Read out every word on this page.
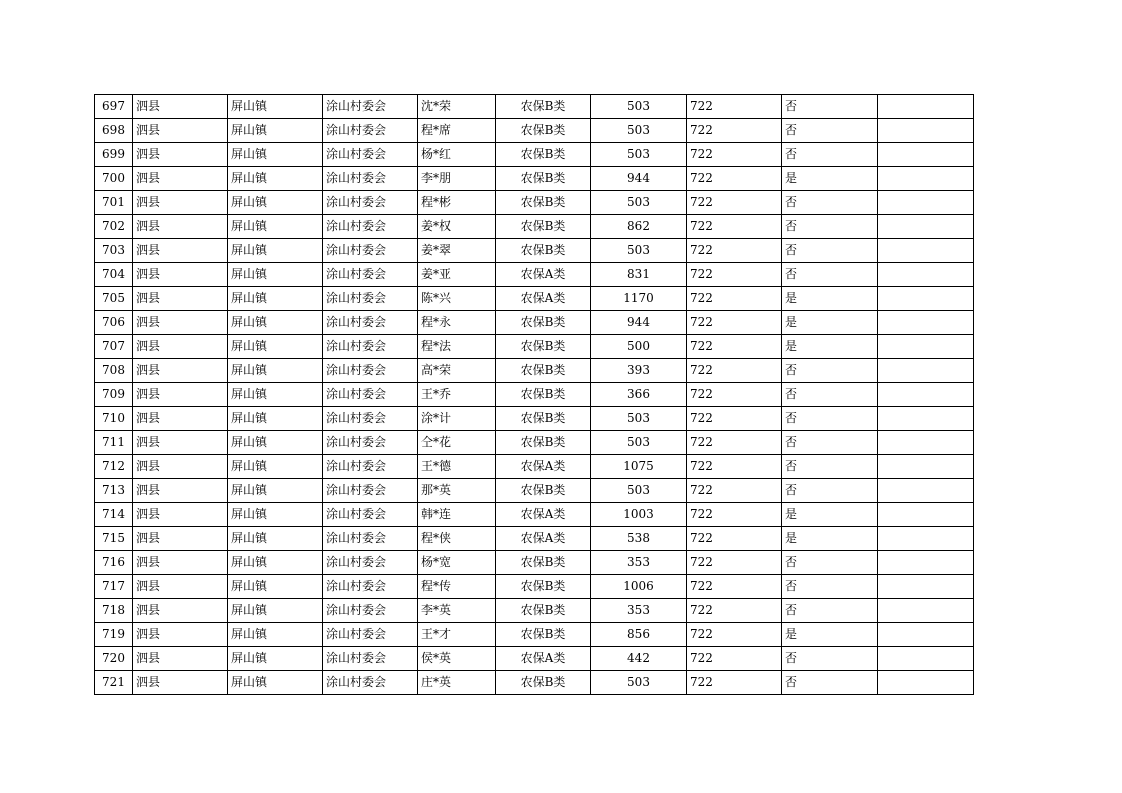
697	泗县	屏山镇	涂山村委会	沈*荣	农保B类	503	722	否	
698	泗县	屏山镇	涂山村委会	程*席	农保B类	503	722	否	
699	泗县	屏山镇	涂山村委会	杨*红	农保B类	503	722	否	
700	泗县	屏山镇	涂山村委会	李*朋	农保B类	944	722	是	
701	泗县	屏山镇	涂山村委会	程*彬	农保B类	503	722	否	
702	泗县	屏山镇	涂山村委会	姜*权	农保B类	862	722	否	
703	泗县	屏山镇	涂山村委会	姜*翠	农保B类	503	722	否	
704	泗县	屏山镇	涂山村委会	姜*亚	农保A类	831	722	否	
705	泗县	屏山镇	涂山村委会	陈*兴	农保A类	1170	722	是	
706	泗县	屏山镇	涂山村委会	程*永	农保B类	944	722	是	
707	泗县	屏山镇	涂山村委会	程*法	农保B类	500	722	是	
708	泗县	屏山镇	涂山村委会	高*荣	农保B类	393	722	否	
709	泗县	屏山镇	涂山村委会	王*乔	农保B类	366	722	否	
710	泗县	屏山镇	涂山村委会	涂*计	农保B类	503	722	否	
711	泗县	屏山镇	涂山村委会	仝*花	农保B类	503	722	否	
712	泗县	屏山镇	涂山村委会	王*德	农保A类	1075	722	否	
713	泗县	屏山镇	涂山村委会	那*英	农保B类	503	722	否	
714	泗县	屏山镇	涂山村委会	韩*连	农保A类	1003	722	是	
715	泗县	屏山镇	涂山村委会	程*侠	农保A类	538	722	是	
716	泗县	屏山镇	涂山村委会	杨*宽	农保B类	353	722	否	
717	泗县	屏山镇	涂山村委会	程*传	农保B类	1006	722	否	
718	泗县	屏山镇	涂山村委会	李*英	农保B类	353	722	否	
719	泗县	屏山镇	涂山村委会	王*才	农保B类	856	722	是	
720	泗县	屏山镇	涂山村委会	侯*英	农保A类	442	722	否	
721	泗县	屏山镇	涂山村委会	庄*英	农保B类	503	722	否	
